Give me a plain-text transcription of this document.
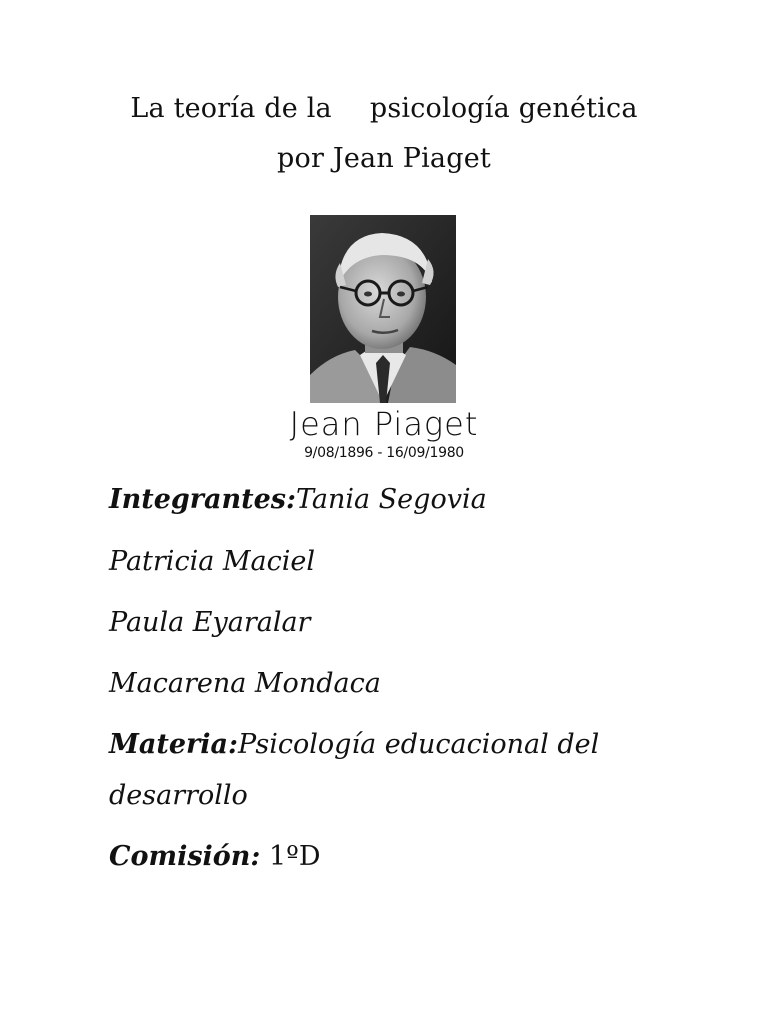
La teoría de la psicología genética
por Jean Piaget
Jean Piaget
9/08/1896 - 16/09/1980
Integrantes:Tania Segovia
Patricia Maciel
Paula Eyaralar
Macarena Mondaca
Materia:Psicología educacional del
desarrollo
Comisión: 1ºD
